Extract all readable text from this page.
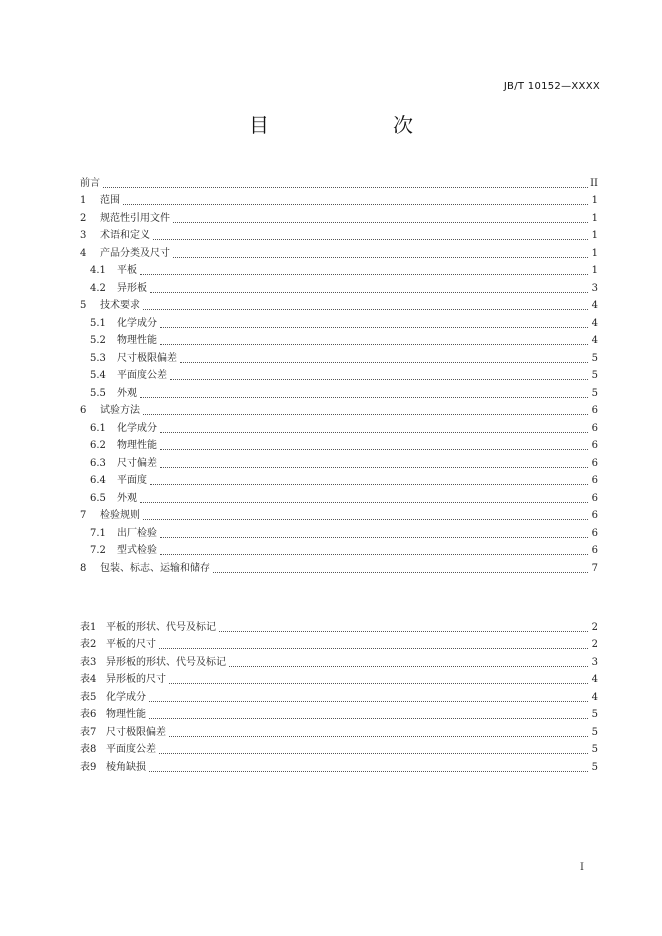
JB/T 10152—XXXX
目　　次
前言	II
1	范围	1
2	规范性引用文件	1
3	术语和定义	1
4	产品分类及尺寸	1
4.1	平板	1
4.2	异形板	3
5	技术要求	4
5.1	化学成分	4
5.2	物理性能	4
5.3	尺寸极限偏差	5
5.4	平面度公差	5
5.5	外观	5
6	试验方法	6
6.1	化学成分	6
6.2	物理性能	6
6.3	尺寸偏差	6
6.4	平面度	6
6.5	外观	6
7	检验规则	6
7.1	出厂检验	6
7.2	型式检验	6
8	包装、标志、运输和储存	7
表1 平板的形状、代号及标记	2
表2 平板的尺寸	2
表3 异形板的形状、代号及标记	3
表4 异形板的尺寸	4
表5 化学成分	4
表6 物理性能	5
表7 尺寸极限偏差	5
表8 平面度公差	5
表9 棱角缺损	5
I
